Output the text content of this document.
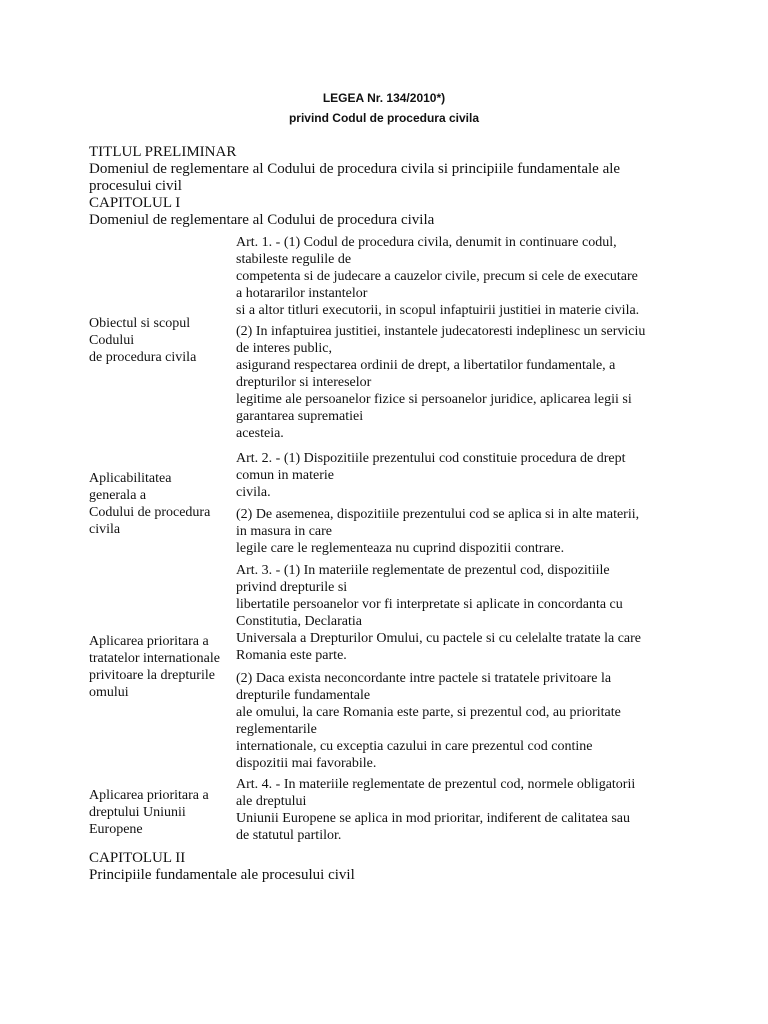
LEGEA Nr. 134/2010*)
privind Codul de procedura civila
TITLUL PRELIMINAR
Domeniul de reglementare al Codului de procedura civila si principiile fundamentale ale
procesului civil
CAPITOLUL I
Domeniul de reglementare al Codului de procedura civila
Obiectul si scopul
Codului
de procedura civila
Aplicabilitatea
generala a
Codului de procedura
civila
Aplicarea prioritara a
tratatelor internationale
privitoare la drepturile
omului
Aplicarea prioritara a
dreptului Uniunii
Europene
Art. 1. - (1) Codul de procedura civila, denumit in continuare codul,
stabileste regulile de
competenta si de judecare a cauzelor civile, precum si cele de executare
a hotararilor instantelor
si a altor titluri executorii, in scopul infaptuirii justitiei in materie civila.
(2) In infaptuirea justitiei, instantele judecatoresti indeplinesc un serviciu
de interes public,
asigurand respectarea ordinii de drept, a libertatilor fundamentale, a
drepturilor si intereselor
legitime ale persoanelor fizice si persoanelor juridice, aplicarea legii si
garantarea suprematiei
acesteia.
Art. 2. - (1) Dispozitiile prezentului cod constituie procedura de drept
comun in materie
civila.
(2) De asemenea, dispozitiile prezentului cod se aplica si in alte materii,
in masura in care
legile care le reglementeaza nu cuprind dispozitii contrare.
Art. 3. - (1) In materiile reglementate de prezentul cod, dispozitiile
privind drepturile si
libertatile persoanelor vor fi interpretate si aplicate in concordanta cu
Constitutia, Declaratia
Universala a Drepturilor Omului, cu pactele si cu celelalte tratate la care
Romania este parte.
(2) Daca exista neconcordante intre pactele si tratatele privitoare la
drepturile fundamentale
ale omului, la care Romania este parte, si prezentul cod, au prioritate
reglementarile
internationale, cu exceptia cazului in care prezentul cod contine
dispozitii mai favorabile.
Art. 4. - In materiile reglementate de prezentul cod, normele obligatorii
ale dreptului
Uniunii Europene se aplica in mod prioritar, indiferent de calitatea sau
de statutul partilor.
CAPITOLUL II
Principiile fundamentale ale procesului civil
